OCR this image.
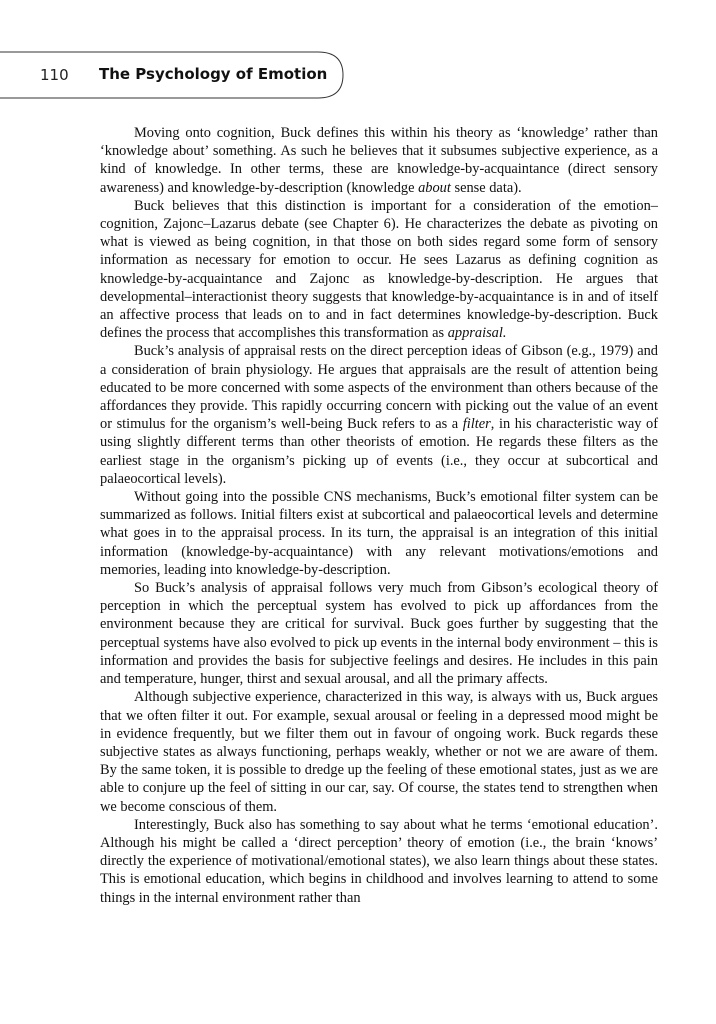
110 The Psychology of Emotion

Moving onto cognition, Buck defines this within his theory as ‘knowledge’ rather than ‘knowledge about’ something. As such he believes that it subsumes subjective experience, as a kind of knowledge. In other terms, these are knowledge-by-acquaintance (direct sensory awareness) and knowledge-by-description (knowledge about sense data).

Buck believes that this distinction is important for a consideration of the emotion–cognition, Zajonc–Lazarus debate (see Chapter 6). He characterizes the debate as pivoting on what is viewed as being cognition, in that those on both sides regard some form of sensory information as necessary for emotion to occur. He sees Lazarus as defining cognition as knowledge-by-acquaintance and Zajonc as knowledge-by-description. He argues that developmental–interactionist theory suggests that knowledge-by-acquaintance is in and of itself an affective process that leads on to and in fact determines knowledge-by-description. Buck defines the process that accomplishes this transformation as appraisal.

Buck’s analysis of appraisal rests on the direct perception ideas of Gibson (e.g., 1979) and a consideration of brain physiology. He argues that appraisals are the result of attention being educated to be more concerned with some aspects of the environment than others because of the affordances they provide. This rapidly occurring concern with picking out the value of an event or stimulus for the organism’s well-being Buck refers to as a filter, in his characteristic way of using slightly different terms than other theorists of emotion. He regards these filters as the earliest stage in the organism’s picking up of events (i.e., they occur at subcortical and palaeocortical levels).

Without going into the possible CNS mechanisms, Buck’s emotional filter system can be summarized as follows. Initial filters exist at subcortical and palaeocortical levels and determine what goes in to the appraisal process. In its turn, the appraisal is an integration of this initial information (knowledge-by-acquaintance) with any relevant motivations/emotions and memories, leading into knowledge-by-description.

So Buck’s analysis of appraisal follows very much from Gibson’s ecological theory of perception in which the perceptual system has evolved to pick up affordances from the environment because they are critical for survival. Buck goes further by suggesting that the perceptual systems have also evolved to pick up events in the internal body environment – this is information and provides the basis for subjective feelings and desires. He includes in this pain and temperature, hunger, thirst and sexual arousal, and all the primary affects.

Although subjective experience, characterized in this way, is always with us, Buck argues that we often filter it out. For example, sexual arousal or feeling in a depressed mood might be in evidence frequently, but we filter them out in favour of ongoing work. Buck regards these subjective states as always functioning, perhaps weakly, whether or not we are aware of them. By the same token, it is possible to dredge up the feeling of these emotional states, just as we are able to conjure up the feel of sitting in our car, say. Of course, the states tend to strengthen when we become conscious of them.

Interestingly, Buck also has something to say about what he terms ‘emotional education’. Although his might be called a ‘direct perception’ theory of emotion (i.e., the brain ‘knows’ directly the experience of motivational/emotional states), we also learn things about these states. This is emotional education, which begins in childhood and involves learning to attend to some things in the internal environment rather than
